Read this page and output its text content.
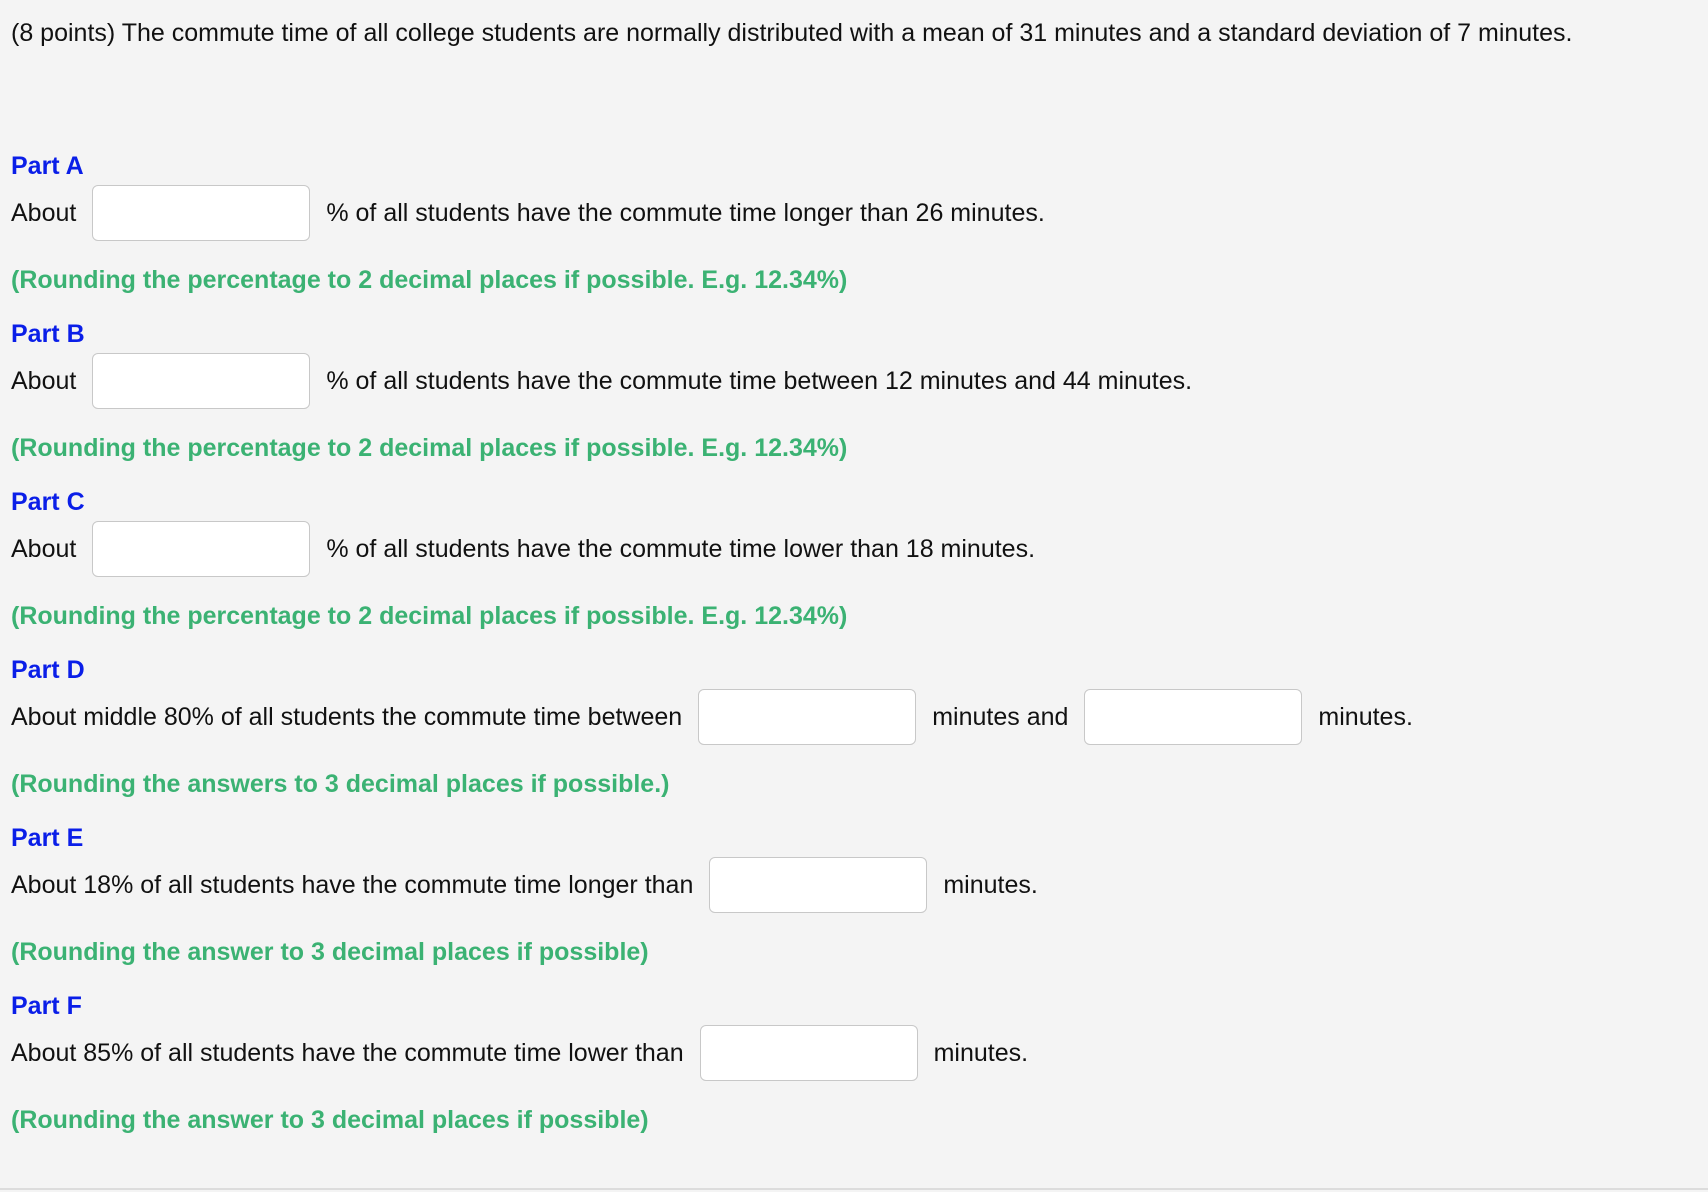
(8 points) The commute time of all college students are normally distributed with a mean of 31 minutes and a standard deviation of 7 minutes.
Part A
About	% of all students have the commute time longer than 26 minutes.
(Rounding the percentage to 2 decimal places if possible. E.g. 12.34%)
Part B
About	% of all students have the commute time between 12 minutes and 44 minutes.
(Rounding the percentage to 2 decimal places if possible. E.g. 12.34%)
Part C
About	% of all students have the commute time lower than 18 minutes.
(Rounding the percentage to 2 decimal places if possible. E.g. 12.34%)
Part D
About middle 80% of all students the commute time between	minutes and	minutes.
(Rounding the answers to 3 decimal places if possible.)
Part E
About 18% of all students have the commute time longer than	minutes.
(Rounding the answer to 3 decimal places if possible)
Part F
About 85% of all students have the commute time lower than	minutes.
(Rounding the answer to 3 decimal places if possible)
